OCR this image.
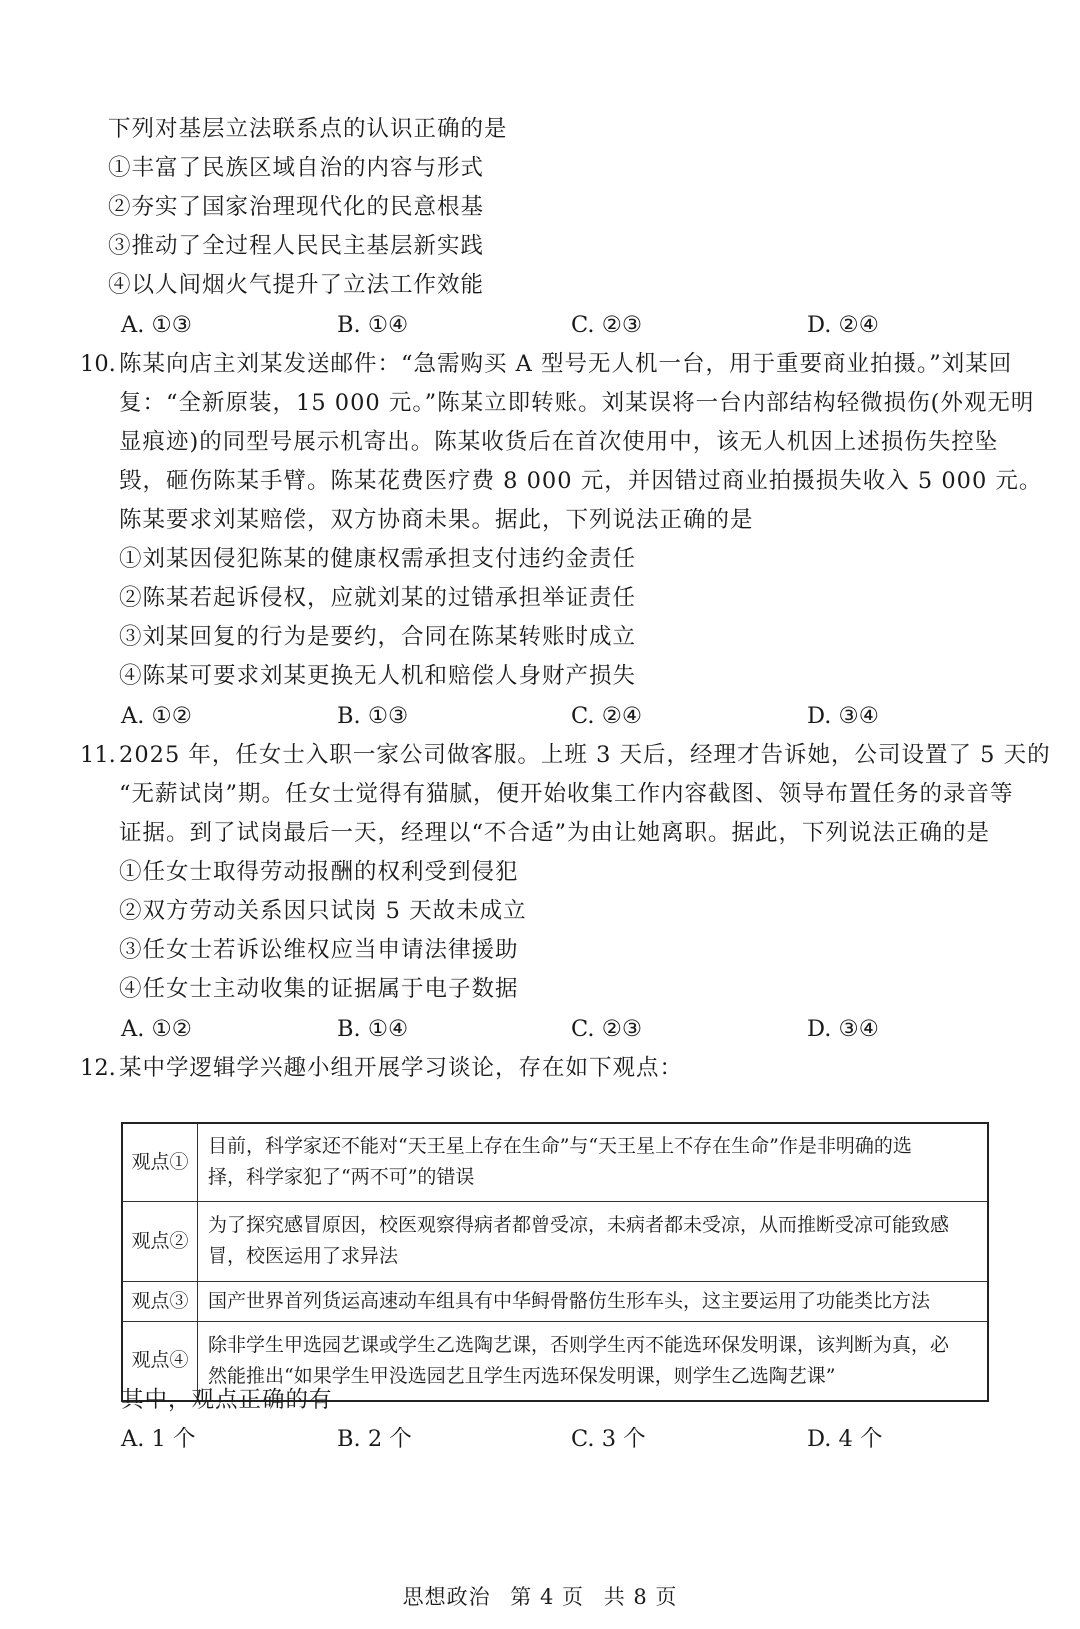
下列对基层立法联系点的认识正确的是
①丰富了民族区域自治的内容与形式
②夯实了国家治理现代化的民意根基
③推动了全过程人民民主基层新实践
④以人间烟火气提升了立法工作效能
A. ①③	B. ①④	C. ②③	D. ②④
10. 陈某向店主刘某发送邮件：“急需购买 A 型号无人机一台，用于重要商业拍摄。”刘某回
复：“全新原装，15 000 元。”陈某立即转账。刘某误将一台内部结构轻微损伤(外观无明
显痕迹)的同型号展示机寄出。陈某收货后在首次使用中，该无人机因上述损伤失控坠
毁，砸伤陈某手臂。陈某花费医疗费 8 000 元，并因错过商业拍摄损失收入 5 000 元。
陈某要求刘某赔偿，双方协商未果。据此，下列说法正确的是
①刘某因侵犯陈某的健康权需承担支付违约金责任
②陈某若起诉侵权，应就刘某的过错承担举证责任
③刘某回复的行为是要约，合同在陈某转账时成立
④陈某可要求刘某更换无人机和赔偿人身财产损失
A. ①②	B. ①③	C. ②④	D. ③④
11. 2025 年，任女士入职一家公司做客服。上班 3 天后，经理才告诉她，公司设置了 5 天的
“无薪试岗”期。任女士觉得有猫腻，便开始收集工作内容截图、领导布置任务的录音等
证据。到了试岗最后一天，经理以“不合适”为由让她离职。据此，下列说法正确的是
①任女士取得劳动报酬的权利受到侵犯
②双方劳动关系因只试岗 5 天故未成立
③任女士若诉讼维权应当申请法律援助
④任女士主动收集的证据属于电子数据
A. ①②	B. ①④	C. ②③	D. ③④
12. 某中学逻辑学兴趣小组开展学习谈论，存在如下观点：
观点①	目前，科学家还不能对“天王星上存在生命”与“天王星上不存在生命”作是非明确的选
择，科学家犯了“两不可”的错误

观点②	为了探究感冒原因，校医观察得病者都曾受凉，未病者都未受凉，从而推断受凉可能致感
冒，校医运用了求异法

观点③	国产世界首列货运高速动车组具有中华鲟骨骼仿生形车头，这主要运用了功能类比方法

观点④	除非学生甲选园艺课或学生乙选陶艺课，否则学生丙不能选环保发明课，该判断为真，必
然能推出“如果学生甲没选园艺且学生丙选环保发明课，则学生乙选陶艺课”
其中，观点正确的有
A. 1 个	B. 2 个	C. 3 个	D. 4 个
思想政治 第 4 页 共 8 页
